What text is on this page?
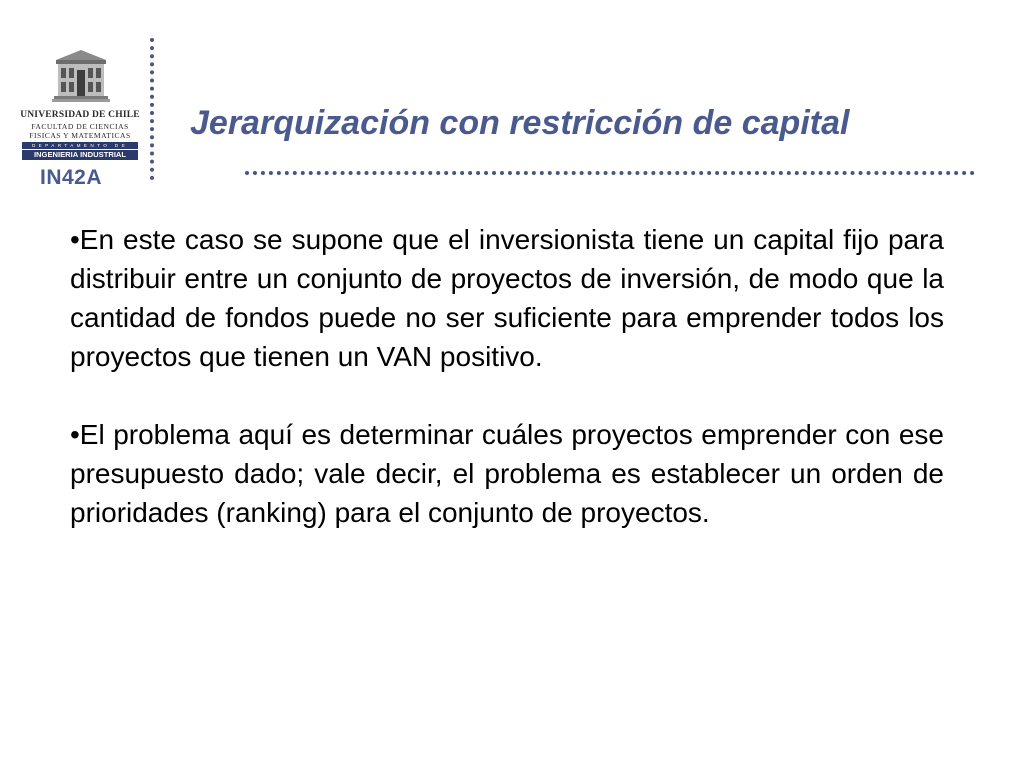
UNIVERSIDAD DE CHILE
FACULTAD DE CIENCIAS
FISICAS Y MATEMATICAS
DEPARTAMENTO DE
INGENIERIA INDUSTRIAL
IN42A
Jerarquización con restricción de capital

•En este caso se supone que el inversionista tiene un capital fijo para distribuir entre un conjunto de proyectos de inversión, de modo que la cantidad de fondos puede no ser suficiente para emprender todos los proyectos que tienen un VAN positivo.

•El problema aquí es determinar cuáles proyectos emprender con ese presupuesto dado; vale decir, el problema es establecer un orden de prioridades (ranking) para el conjunto de proyectos.
